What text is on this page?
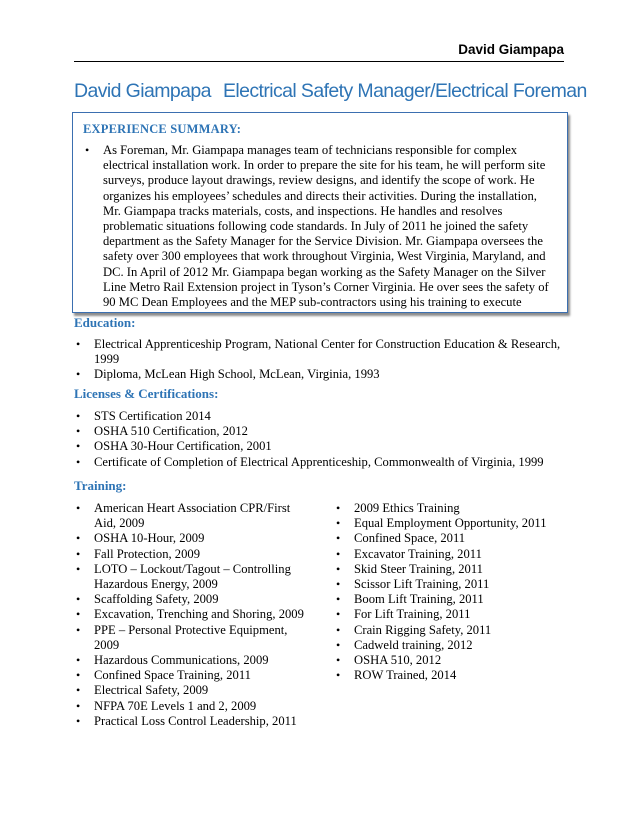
David Giampapa
David Giampapa Electrical Safety Manager/Electrical Foreman
EXPERIENCE SUMMARY:
• As Foreman, Mr. Giampapa manages team of technicians responsible for complex electrical installation work. In order to prepare the site for his team, he will perform site surveys, produce layout drawings, review designs, and identify the scope of work. He organizes his employees’ schedules and directs their activities. During the installation, Mr. Giampapa tracks materials, costs, and inspections. He handles and resolves problematic situations following code standards. In July of 2011 he joined the safety department as the Safety Manager for the Service Division. Mr. Giampapa oversees the safety over 300 employees that work throughout Virginia, West Virginia, Maryland, and DC. In April of 2012 Mr. Giampapa began working as the Safety Manager on the Silver Line Metro Rail Extension project in Tyson’s Corner Virginia. He over sees the safety of 90 MC Dean Employees and the MEP sub-contractors using his training to execute
Education:
• Electrical Apprenticeship Program, National Center for Construction Education & Research, 1999
• Diploma, McLean High School, McLean, Virginia, 1993
Licenses & Certifications:
• STS Certification 2014
• OSHA 510 Certification, 2012
• OSHA 30-Hour Certification, 2001
• Certificate of Completion of Electrical Apprenticeship, Commonwealth of Virginia, 1999
Training:
• American Heart Association CPR/First Aid, 2009
• OSHA 10-Hour, 2009
• Fall Protection, 2009
• LOTO – Lockout/Tagout – Controlling Hazardous Energy, 2009
• Scaffolding Safety, 2009
• Excavation, Trenching and Shoring, 2009
• PPE – Personal Protective Equipment, 2009
• Hazardous Communications, 2009
• Confined Space Training, 2011
• Electrical Safety, 2009
• NFPA 70E Levels 1 and 2, 2009
• Practical Loss Control Leadership, 2011
• 2009 Ethics Training
• Equal Employment Opportunity, 2011
• Confined Space, 2011
• Excavator Training, 2011
• Skid Steer Training, 2011
• Scissor Lift Training, 2011
• Boom Lift Training, 2011
• For Lift Training, 2011
• Crain Rigging Safety, 2011
• Cadweld training, 2012
• OSHA 510, 2012
• ROW Trained, 2014
